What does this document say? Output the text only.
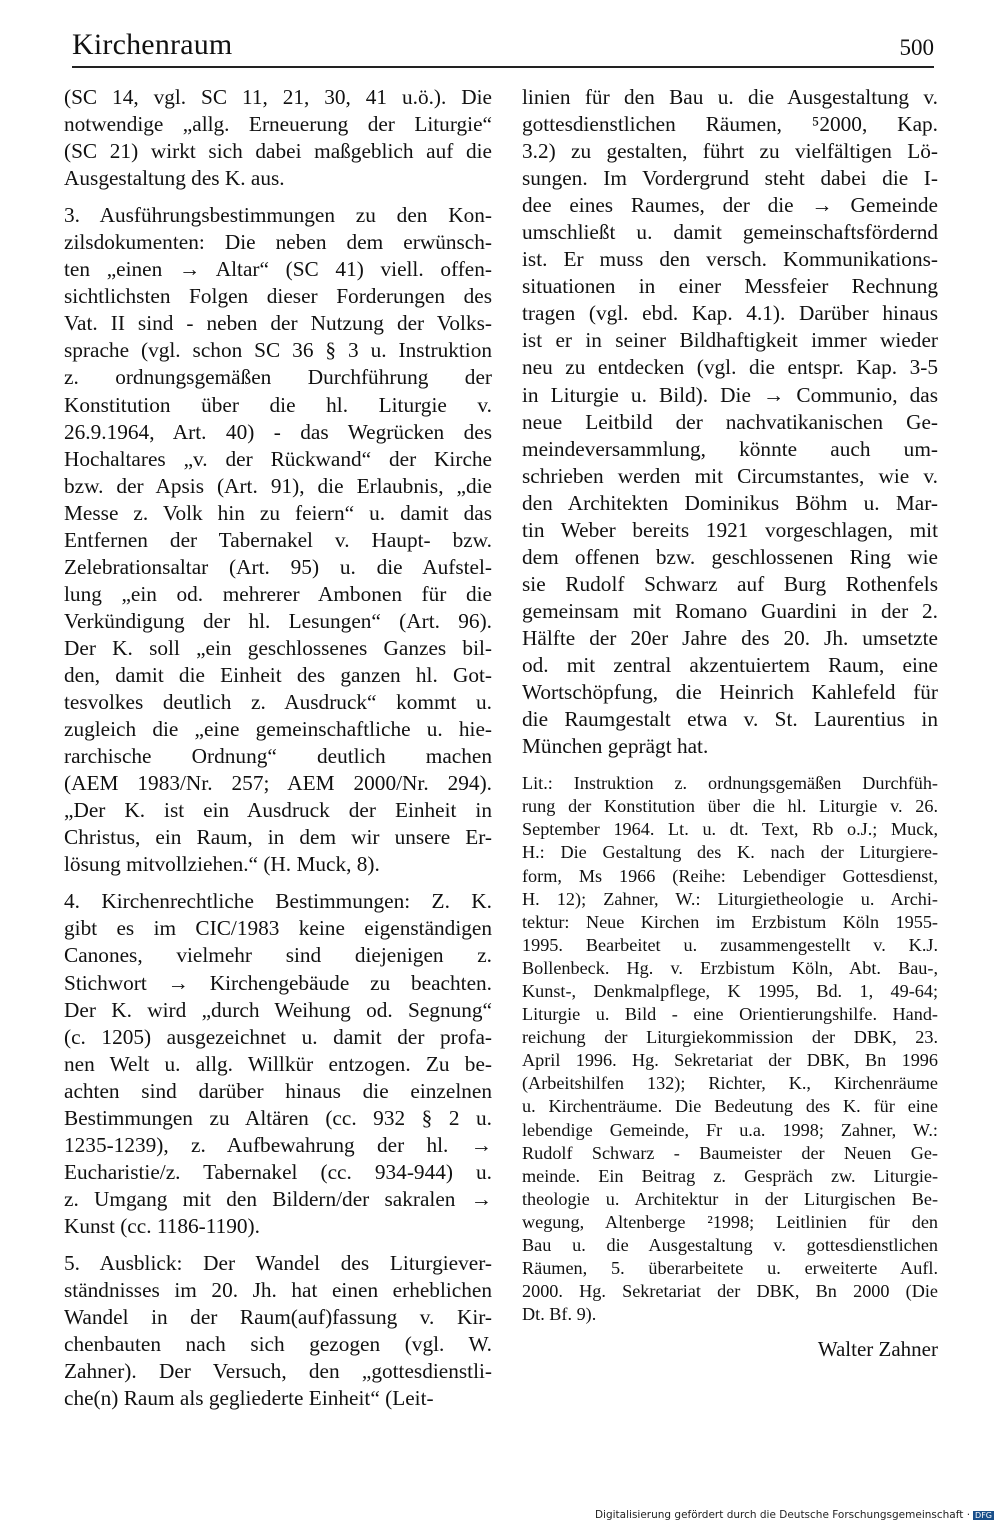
Kirchenraum	500
(SC 14, vgl. SC 11, 21, 30, 41 u.ö.). Die
notwendige „allg. Erneuerung der Liturgie“
(SC 21) wirkt sich dabei maßgeblich auf die
Ausgestaltung des K. aus.
3. Ausführungsbestimmungen zu den Kon-
zilsdokumenten: Die neben dem erwünsch-
ten „einen → Altar“ (SC 41) viell. offen-
sichtlichsten Folgen dieser Forderungen des
Vat. II sind - neben der Nutzung der Volks-
sprache (vgl. schon SC 36 § 3 u. Instruktion
z. ordnungsgemäßen Durchführung der
Konstitution über die hl. Liturgie v.
26.9.1964, Art. 40) - das Wegrücken des
Hochaltares „v. der Rückwand“ der Kirche
bzw. der Apsis (Art. 91), die Erlaubnis, „die
Messe z. Volk hin zu feiern“ u. damit das
Entfernen der Tabernakel v. Haupt- bzw.
Zelebrationsaltar (Art. 95) u. die Aufstel-
lung „ein od. mehrerer Ambonen für die
Verkündigung der hl. Lesungen“ (Art. 96).
Der K. soll „ein geschlossenes Ganzes bil-
den, damit die Einheit des ganzen hl. Got-
tesvolkes deutlich z. Ausdruck“ kommt u.
zugleich die „eine gemeinschaftliche u. hie-
rarchische Ordnung“ deutlich machen
(AEM 1983/Nr. 257; AEM 2000/Nr. 294).
„Der K. ist ein Ausdruck der Einheit in
Christus, ein Raum, in dem wir unsere Er-
lösung mitvollziehen.“ (H. Muck, 8).
4. Kirchenrechtliche Bestimmungen: Z. K.
gibt es im CIC/1983 keine eigenständigen
Canones, vielmehr sind diejenigen z.
Stichwort → Kirchengebäude zu beachten.
Der K. wird „durch Weihung od. Segnung“
(c. 1205) ausgezeichnet u. damit der profa-
nen Welt u. allg. Willkür entzogen. Zu be-
achten sind darüber hinaus die einzelnen
Bestimmungen zu Altären (cc. 932 § 2 u.
1235-1239), z. Aufbewahrung der hl. →
Eucharistie/z. Tabernakel (cc. 934-944) u.
z. Umgang mit den Bildern/der sakralen →
Kunst (cc. 1186-1190).
5. Ausblick: Der Wandel des Liturgiever-
ständnisses im 20. Jh. hat einen erheblichen
Wandel in der Raum(auf)fassung v. Kir-
chenbauten nach sich gezogen (vgl. W.
Zahner). Der Versuch, den „gottesdienstli-
che(n) Raum als gegliederte Einheit“ (Leit-
linien für den Bau u. die Ausgestaltung v.
gottesdienstlichen Räumen, ⁵2000, Kap.
3.2) zu gestalten, führt zu vielfältigen Lö-
sungen. Im Vordergrund steht dabei die I-
dee eines Raumes, der die → Gemeinde
umschließt u. damit gemeinschaftsfördernd
ist. Er muss den versch. Kommunikations-
situationen in einer Messfeier Rechnung
tragen (vgl. ebd. Kap. 4.1). Darüber hinaus
ist er in seiner Bildhaftigkeit immer wieder
neu zu entdecken (vgl. die entspr. Kap. 3-5
in Liturgie u. Bild). Die → Communio, das
neue Leitbild der nachvatikanischen Ge-
meindeversammlung, könnte auch um-
schrieben werden mit Circumstantes, wie v.
den Architekten Dominikus Böhm u. Mar-
tin Weber bereits 1921 vorgeschlagen, mit
dem offenen bzw. geschlossenen Ring wie
sie Rudolf Schwarz auf Burg Rothenfels
gemeinsam mit Romano Guardini in der 2.
Hälfte der 20er Jahre des 20. Jh. umsetzte
od. mit zentral akzentuiertem Raum, eine
Wortschöpfung, die Heinrich Kahlefeld für
die Raumgestalt etwa v. St. Laurentius in
München geprägt hat.
Lit.: Instruktion z. ordnungsgemäßen Durchfüh-
rung der Konstitution über die hl. Liturgie v. 26.
September 1964. Lt. u. dt. Text, Rb o.J.; Muck,
H.: Die Gestaltung des K. nach der Liturgiere-
form, Ms 1966 (Reihe: Lebendiger Gottesdienst,
H. 12); Zahner, W.: Liturgietheologie u. Archi-
tektur: Neue Kirchen im Erzbistum Köln 1955-
1995. Bearbeitet u. zusammengestellt v. K.J.
Bollenbeck. Hg. v. Erzbistum Köln, Abt. Bau-,
Kunst-, Denkmalpflege, K 1995, Bd. 1, 49-64;
Liturgie u. Bild - eine Orientierungshilfe. Hand-
reichung der Liturgiekommission der DBK, 23.
April 1996. Hg. Sekretariat der DBK, Bn 1996
(Arbeitshilfen 132); Richter, K., Kirchenräume
u. Kirchenträume. Die Bedeutung des K. für eine
lebendige Gemeinde, Fr u.a. 1998; Zahner, W.:
Rudolf Schwarz - Baumeister der Neuen Ge-
meinde. Ein Beitrag z. Gespräch zw. Liturgie-
theologie u. Architektur in der Liturgischen Be-
wegung, Altenberge ²1998; Leitlinien für den
Bau u. die Ausgestaltung v. gottesdienstlichen
Räumen, 5. überarbeitete u. erweiterte Aufl.
2000. Hg. Sekretariat der DBK, Bn 2000 (Die
Dt. Bf. 9).
Walter Zahner
Digitalisierung gefördert durch die Deutsche Forschungsgemeinschaft · DFG
